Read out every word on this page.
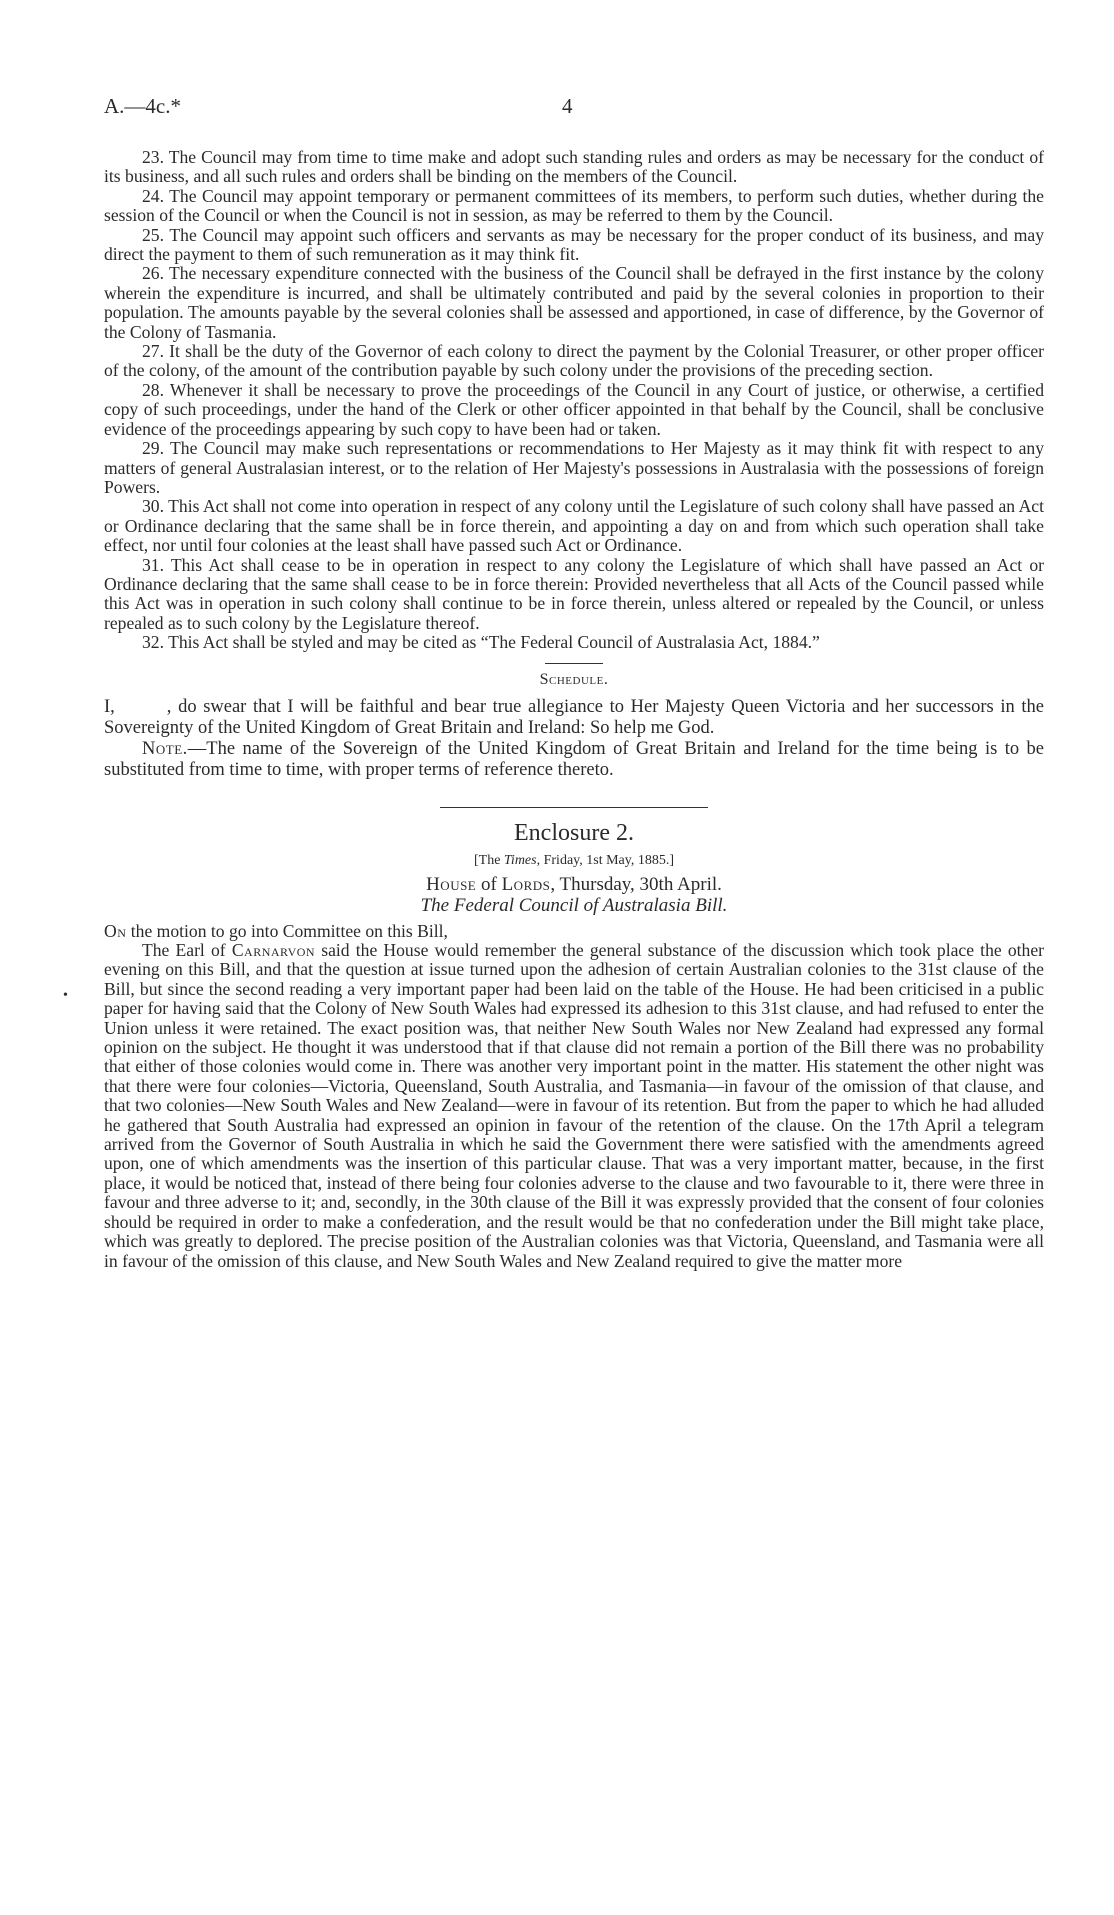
A.—4c.*	4
•

23. The Council may from time to time make and adopt such standing rules and orders as may be necessary for the conduct of its business, and all such rules and orders shall be binding on the members of the Council.

24. The Council may appoint temporary or permanent committees of its members, to perform such duties, whether during the session of the Council or when the Council is not in session, as may be referred to them by the Council.

25. The Council may appoint such officers and servants as may be necessary for the proper conduct of its business, and may direct the payment to them of such remuneration as it may think fit.

26. The necessary expenditure connected with the business of the Council shall be defrayed in the first instance by the colony wherein the expenditure is incurred, and shall be ultimately contributed and paid by the several colonies in proportion to their population. The amounts payable by the several colonies shall be assessed and apportioned, in case of difference, by the Governor of the Colony of Tasmania.

27. It shall be the duty of the Governor of each colony to direct the payment by the Colonial Treasurer, or other proper officer of the colony, of the amount of the contribution payable by such colony under the provisions of the preceding section.

28. Whenever it shall be necessary to prove the proceedings of the Council in any Court of justice, or otherwise, a certified copy of such proceedings, under the hand of the Clerk or other officer appointed in that behalf by the Council, shall be conclusive evidence of the proceedings appearing by such copy to have been had or taken.

29. The Council may make such representations or recommendations to Her Majesty as it may think fit with respect to any matters of general Australasian interest, or to the relation of Her Majesty's possessions in Australasia with the possessions of foreign Powers.

30. This Act shall not come into operation in respect of any colony until the Legislature of such colony shall have passed an Act or Ordinance declaring that the same shall be in force therein, and appointing a day on and from which such operation shall take effect, nor until four colonies at the least shall have passed such Act or Ordinance.

31. This Act shall cease to be in operation in respect to any colony the Legislature of which shall have passed an Act or Ordinance declaring that the same shall cease to be in force therein: Provided nevertheless that all Acts of the Council passed while this Act was in operation in such colony shall continue to be in force therein, unless altered or repealed by the Council, or unless repealed as to such colony by the Legislature thereof.

32. This Act shall be styled and may be cited as “The Federal Council of Australasia Act, 1884.”

Schedule.

I,	, do swear that I will be faithful and bear true allegiance to Her Majesty Queen Victoria and her successors in the Sovereignty of the United Kingdom of Great Britain and Ireland: So help me God.

Note.—The name of the Sovereign of the United Kingdom of Great Britain and Ireland for the time being is to be substituted from time to time, with proper terms of reference thereto.

Enclosure 2.

[The Times, Friday, 1st May, 1885.]

House of Lords, Thursday, 30th April.

The Federal Council of Australasia Bill.

On the motion to go into Committee on this Bill,

The Earl of Carnarvon said the House would remember the general substance of the discussion which took place the other evening on this Bill, and that the question at issue turned upon the adhesion of certain Australian colonies to the 31st clause of the Bill, but since the second reading a very important paper had been laid on the table of the House. He had been criticised in a public paper for having said that the Colony of New South Wales had expressed its adhesion to this 31st clause, and had refused to enter the Union unless it were retained. The exact position was, that neither New South Wales nor New Zealand had expressed any formal opinion on the subject. He thought it was understood that if that clause did not remain a portion of the Bill there was no probability that either of those colonies would come in. There was another very important point in the matter. His statement the other night was that there were four colonies—Victoria, Queensland, South Australia, and Tasmania—in favour of the omission of that clause, and that two colonies—New South Wales and New Zealand—were in favour of its retention. But from the paper to which he had alluded he gathered that South Australia had expressed an opinion in favour of the retention of the clause. On the 17th April a telegram arrived from the Governor of South Australia in which he said the Government there were satisfied with the amendments agreed upon, one of which amendments was the insertion of this particular clause. That was a very important matter, because, in the first place, it would be noticed that, instead of there being four colonies adverse to the clause and two favourable to it, there were three in favour and three adverse to it; and, secondly, in the 30th clause of the Bill it was expressly provided that the consent of four colonies should be required in order to make a confederation, and the result would be that no confederation under the Bill might take place, which was greatly to deplored. The precise position of the Australian colonies was that Victoria, Queensland, and Tasmania were all in favour of the omission of this clause, and New South Wales and New Zealand required to give the matter more
